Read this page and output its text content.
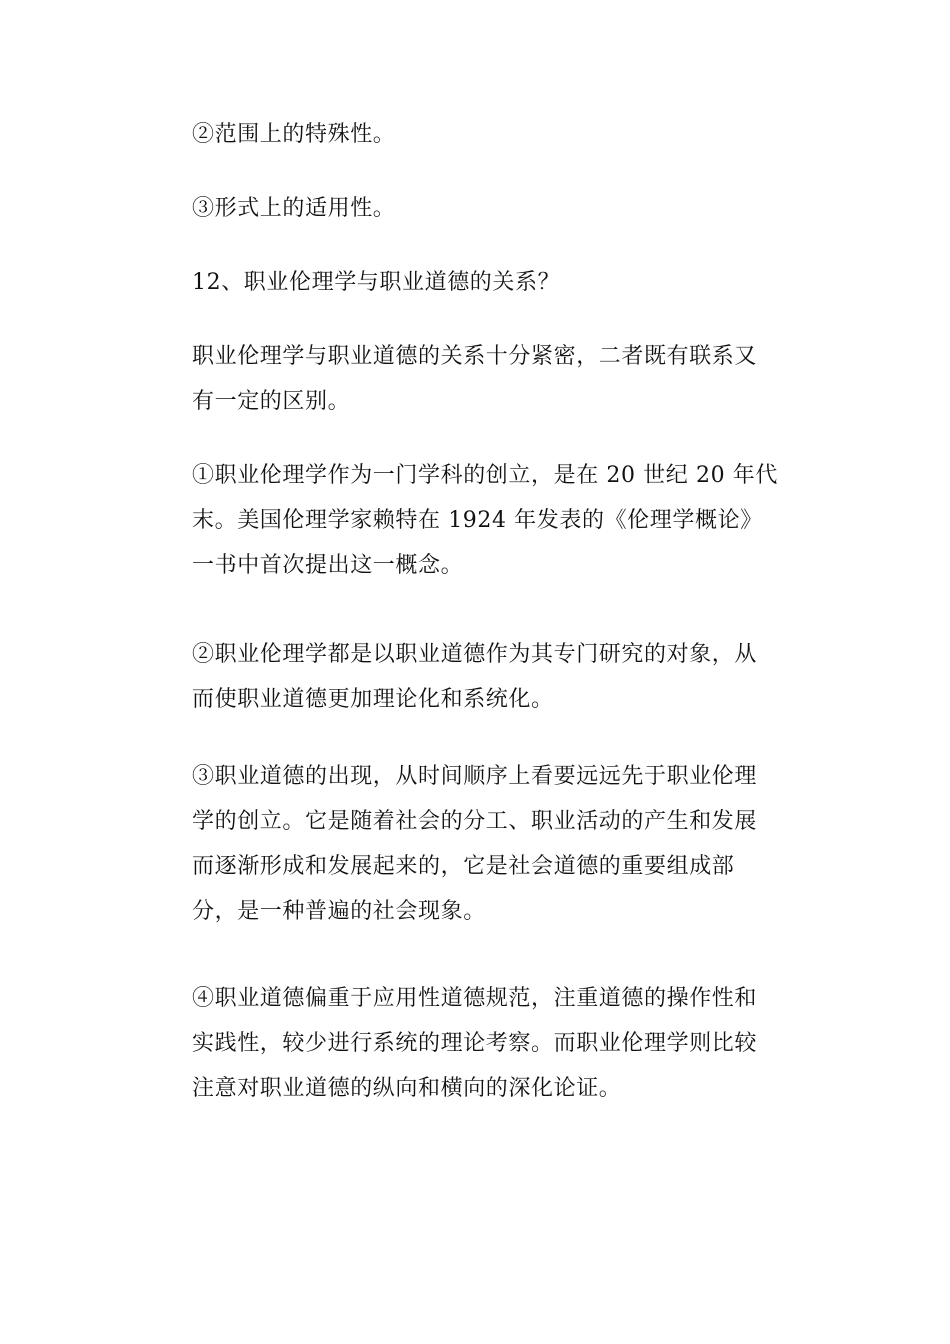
②范围上的特殊性。
③形式上的适用性。
12、职业伦理学与职业道德的关系？
职业伦理学与职业道德的关系十分紧密，二者既有联系又
有一定的区别。
①职业伦理学作为一门学科的创立，是在 20 世纪 20 年代
末。美国伦理学家赖特在 1924 年发表的《伦理学概论》
一书中首次提出这一概念。
②职业伦理学都是以职业道德作为其专门研究的对象，从
而使职业道德更加理论化和系统化。
③职业道德的出现，从时间顺序上看要远远先于职业伦理
学的创立。它是随着社会的分工、职业活动的产生和发展
而逐渐形成和发展起来的，它是社会道德的重要组成部
分，是一种普遍的社会现象。
④职业道德偏重于应用性道德规范，注重道德的操作性和
实践性，较少进行系统的理论考察。而职业伦理学则比较
注意对职业道德的纵向和横向的深化论证。
